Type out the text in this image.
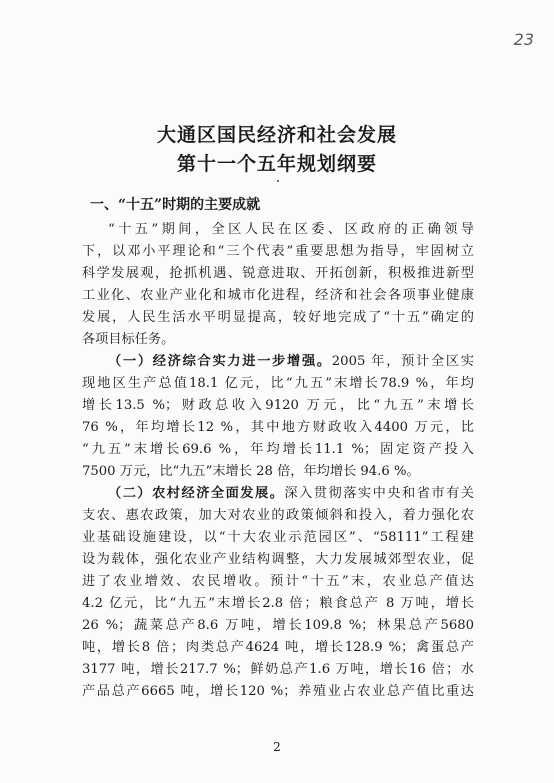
23
大通区国民经济和社会发展
第十一个五年规划纲要
一、“十五”时期的主要成就
“十五”期间，全区人民在区委、区政府的正确领导
下，以邓小平理论和“三个代表”重要思想为指导，牢固树立
科学发展观，抢抓机遇、锐意进取、开拓创新，积极推进新型
工业化、农业产业化和城市化进程，经济和社会各项事业健康
发展，人民生活水平明显提高，较好地完成了“十五”确定的
各项目标任务。
（一）经济综合实力进一步增强。2005 年，预计全区实
现地区生产总值18.1 亿元，比“九五”末增长78.9 %，年均
增长13.5 %；财政总收入9120 万元，比“九五”末增长
76 %，年均增长12 %，其中地方财政收入4400 万元，比
“九五”末增长69.6 %，年均增长11.1 %；固定资产投入
7500 万元，比“九五”末增长 28 倍，年均增长 94.6 %。
（二）农村经济全面发展。深入贯彻落实中央和省市有关
支农、惠农政策，加大对农业的政策倾斜和投入，着力强化农
业基础设施建设，以“十大农业示范园区”、“58111”工程建
设为载体，强化农业产业结构调整，大力发展城郊型农业，促
进了农业增效、农民增收。预计“十五”末，农业总产值达
4.2 亿元，比“九五”末增长2.8 倍；粮食总产 8 万吨，增长
26 %；蔬菜总产8.6 万吨，增长109.8 %；林果总产5680
吨，增长8 倍；肉类总产4624 吨，增长128.9 %；禽蛋总产
3177 吨，增长217.7 %；鲜奶总产1.6 万吨，增长16 倍；水
产品总产6665 吨，增长120 %；养殖业占农业总产值比重达
2
